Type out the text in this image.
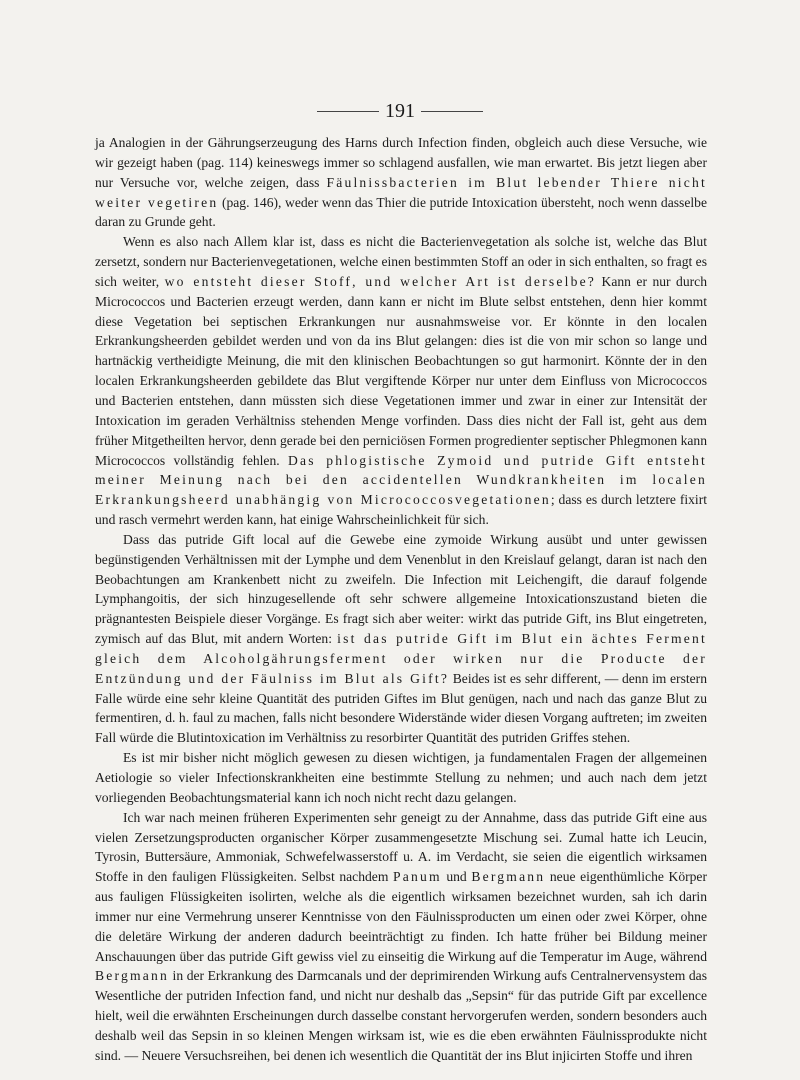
191

ja Analogien in der Gährungserzeugung des Harns durch Infection finden, obgleich auch diese Versuche, wie wir gezeigt haben (pag. 114) keineswegs immer so schlagend ausfallen, wie man erwartet. Bis jetzt liegen aber nur Versuche vor, welche zeigen, dass Fäulnissbacterien im Blut lebender Thiere nicht weiter vegetiren (pag. 146), weder wenn das Thier die putride Intoxication übersteht, noch wenn dasselbe daran zu Grunde geht.

Wenn es also nach Allem klar ist, dass es nicht die Bacterienvegetation als solche ist, welche das Blut zersetzt, sondern nur Bacterienvegetationen, welche einen bestimmten Stoff an oder in sich enthalten, so fragt es sich weiter, wo entsteht dieser Stoff, und welcher Art ist derselbe? Kann er nur durch Micrococcos und Bacterien erzeugt werden, dann kann er nicht im Blute selbst entstehen, denn hier kommt diese Vegetation bei septischen Erkrankungen nur ausnahmsweise vor. Er könnte in den localen Erkrankungsheerden gebildet werden und von da ins Blut gelangen: dies ist die von mir schon so lange und hartnäckig vertheidigte Meinung, die mit den klinischen Beobachtungen so gut harmonirt. Könnte der in den localen Erkrankungsheerden gebildete das Blut vergiftende Körper nur unter dem Einfluss von Micrococcos und Bacterien entstehen, dann müssten sich diese Vegetationen immer und zwar in einer zur Intensität der Intoxication im geraden Verhältniss stehenden Menge vorfinden. Dass dies nicht der Fall ist, geht aus dem früher Mitgetheilten hervor, denn gerade bei den perniciösen Formen progredienter septischer Phlegmonen kann Micrococcos vollständig fehlen. Das phlogistische Zymoid und putride Gift entsteht meiner Meinung nach bei den accidentellen Wundkrankheiten im localen Erkrankungsheerd unabhängig von Micrococcosvegetationen; dass es durch letztere fixirt und rasch vermehrt werden kann, hat einige Wahrscheinlichkeit für sich.

Dass das putride Gift local auf die Gewebe eine zymoide Wirkung ausübt und unter gewissen begünstigenden Verhältnissen mit der Lymphe und dem Venenblut in den Kreislauf gelangt, daran ist nach den Beobachtungen am Krankenbett nicht zu zweifeln. Die Infection mit Leichengift, die darauf folgende Lymphangoitis, der sich hinzugesellende oft sehr schwere allgemeine Intoxicationszustand bieten die prägnantesten Beispiele dieser Vorgänge. Es fragt sich aber weiter: wirkt das putride Gift, ins Blut eingetreten, zymisch auf das Blut, mit andern Worten: ist das putride Gift im Blut ein ächtes Ferment gleich dem Alcoholgährungsferment oder wirken nur die Producte der Entzündung und der Fäulniss im Blut als Gift? Beides ist es sehr different, — denn im erstern Falle würde eine sehr kleine Quantität des putriden Giftes im Blut genügen, nach und nach das ganze Blut zu fermentiren, d. h. faul zu machen, falls nicht besondere Widerstände wider diesen Vorgang auftreten; im zweiten Fall würde die Blutintoxication im Verhältniss zu resorbirter Quantität des putriden Griffes stehen.

Es ist mir bisher nicht möglich gewesen zu diesen wichtigen, ja fundamentalen Fragen der allgemeinen Aetiologie so vieler Infectionskrankheiten eine bestimmte Stellung zu nehmen; und auch nach dem jetzt vorliegenden Beobachtungsmaterial kann ich noch nicht recht dazu gelangen.

Ich war nach meinen früheren Experimenten sehr geneigt zu der Annahme, dass das putride Gift eine aus vielen Zersetzungsproducten organischer Körper zusammengesetzte Mischung sei. Zumal hatte ich Leucin, Tyrosin, Buttersäure, Ammoniak, Schwefelwasserstoff u. A. im Verdacht, sie seien die eigentlich wirksamen Stoffe in den fauligen Flüssigkeiten. Selbst nachdem Panum und Bergmann neue eigenthümliche Körper aus fauligen Flüssigkeiten isolirten, welche als die eigentlich wirksamen bezeichnet wurden, sah ich darin immer nur eine Vermehrung unserer Kenntnisse von den Fäulnissproducten um einen oder zwei Körper, ohne die deletäre Wirkung der anderen dadurch beeinträchtigt zu finden. Ich hatte früher bei Bildung meiner Anschauungen über das putride Gift gewiss viel zu einseitig die Wirkung auf die Temperatur im Auge, während Bergmann in der Erkrankung des Darmcanals und der deprimirenden Wirkung aufs Centralnervensystem das Wesentliche der putriden Infection fand, und nicht nur deshalb das „Sepsin“ für das putride Gift par excellence hielt, weil die erwähnten Erscheinungen durch dasselbe constant hervorgerufen werden, sondern besonders auch deshalb weil das Sepsin in so kleinen Mengen wirksam ist, wie es die eben erwähnten Fäulnissprodukte nicht sind. — Neuere Versuchsreihen, bei denen ich wesentlich die Quantität der ins Blut injicirten Stoffe und ihren
